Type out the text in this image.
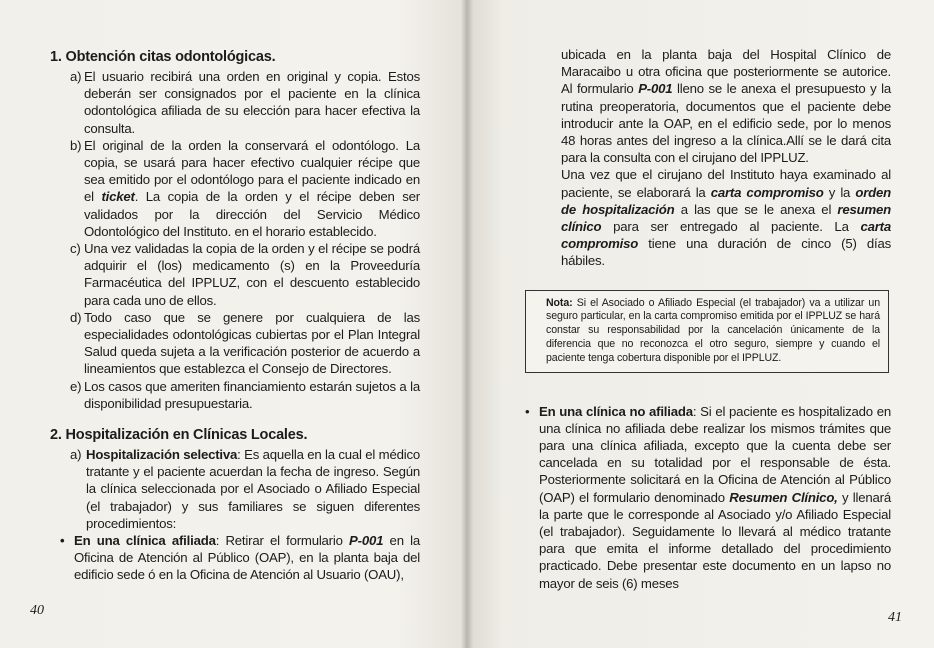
1. Obtención citas odontológicas.
a) El usuario recibirá una orden en original y copia. Estos deberán ser consignados por el paciente en la clínica odontológica afiliada de su elección para hacer efectiva la consulta.
b) El original de la orden la conservará el odontólogo. La copia, se usará para hacer efectivo cualquier récipe que sea emitido por el odontólogo para el paciente indicado en el ticket. La copia de la orden y el récipe deben ser validados por la dirección del Servicio Médico Odontológico del Instituto. en el horario establecido.
c) Una vez validadas la copia de la orden y el récipe se podrá adquirir el (los) medicamento (s) en la Proveeduría Farmacéutica del IPPLUZ, con el descuento establecido para cada uno de ellos.
d) Todo caso que se genere por cualquiera de las especialidades odontológicas cubiertas por el Plan Integral Salud queda sujeta a la verificación posterior de acuerdo a lineamientos que establezca el Consejo de Directores.
e) Los casos que ameriten financiamiento estarán sujetos a la disponibilidad presupuestaria.
2. Hospitalización en Clínicas Locales.
a) Hospitalización selectiva: Es aquella en la cual el médico tratante y el paciente acuerdan la fecha de ingreso. Según la clínica seleccionada por el Asociado o Afiliado Especial (el trabajador) y sus familiares se siguen diferentes procedimientos:
• En una clínica afiliada: Retirar el formulario P-001 en la Oficina de Atención al Público (OAP), en la planta baja del edificio sede ó en la Oficina de Atención al Usuario (OAU),
40
ubicada en la planta baja del Hospital Clínico de Maracaibo u otra oficina que posteriormente se autorice. Al formulario P-001 lleno se le anexa el presupuesto y la rutina preoperatoria, documentos que el paciente debe introducir ante la OAP, en el edificio sede, por lo menos 48 horas antes del ingreso a la clínica.Allí se le dará cita para la consulta con el cirujano del IPPLUZ.
Una vez que el cirujano del Instituto haya examinado al paciente, se elaborará la carta compromiso y la orden de hospitalización a las que se le anexa el resumen clínico para ser entregado al paciente. La carta compromiso tiene una duración de cinco (5) días hábiles.
Nota: Si el Asociado o Afiliado Especial (el trabajador) va a utilizar un seguro particular, en la carta compromiso emitida por el IPPLUZ se hará constar su responsabilidad por la cancelación únicamente de la diferencia que no reconozca el otro seguro, siempre y cuando el paciente tenga cobertura disponible por el IPPLUZ.
• En una clínica no afiliada: Si el paciente es hospitalizado en una clínica no afiliada debe realizar los mismos trámites que para una clínica afiliada, excepto que la cuenta debe ser cancelada en su totalidad por el responsable de ésta. Posteriormente solicitará en la Oficina de Atención al Público (OAP) el formulario denominado Resumen Clínico, y llenará la parte que le corresponde al Asociado y/o Afiliado Especial (el trabajador). Seguidamente lo llevará al médico tratante para que emita el informe detallado del procedimiento practicado. Debe presentar este documento en un lapso no mayor de seis (6) meses
41
